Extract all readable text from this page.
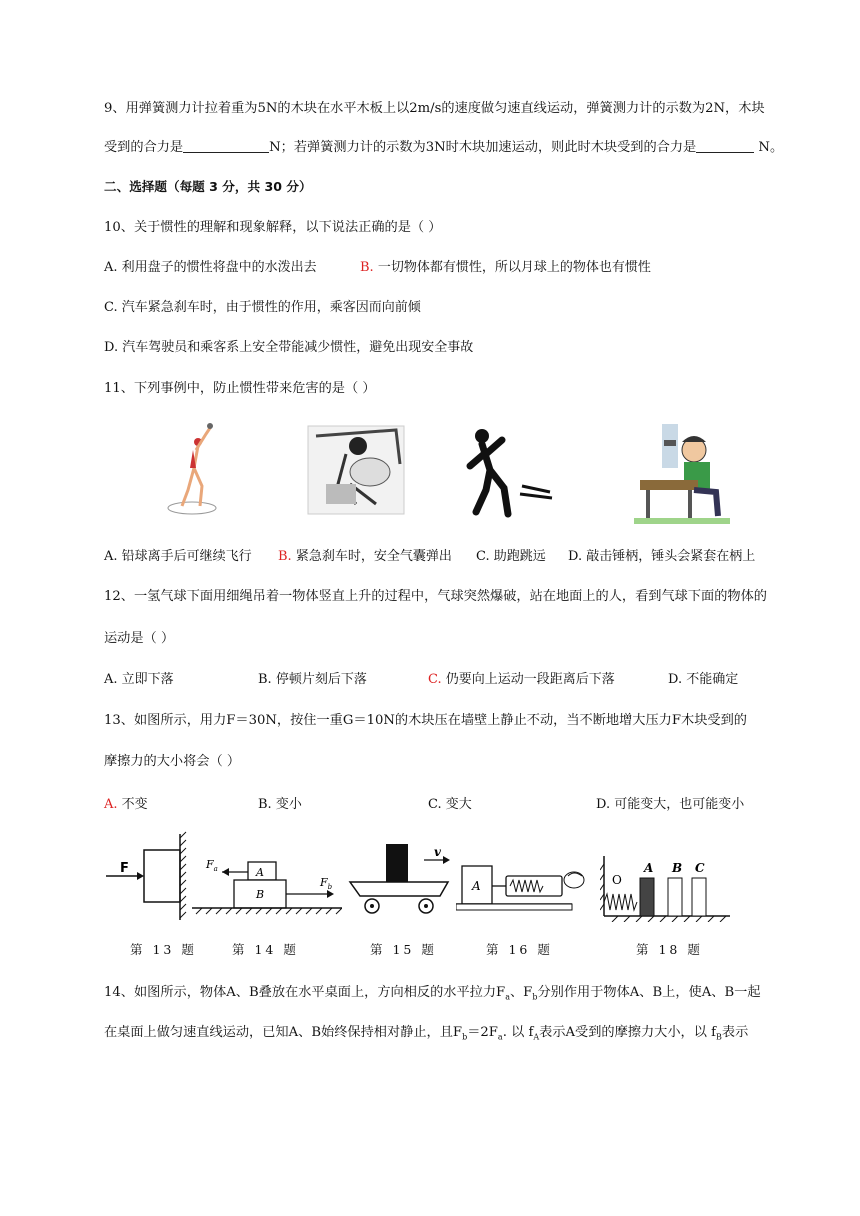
9、用弹簧测力计拉着重为5N的木块在水平木板上以2m/s的速度做匀速直线运动，弹簧测力计的示数为2N，木块
受到的合力是	N；若弹簧测力计的示数为3N时木块加速运动，则此时木块受到的合力是	N。
二、选择题（每题 3 分，共 30 分）
10、关于惯性的理解和现象解释，以下说法正确的是（ ）
A. 利用盘子的惯性将盘中的水泼出去	B. 一切物体都有惯性，所以月球上的物体也有惯性
C. 汽车紧急刹车时，由于惯性的作用，乘客因而向前倾
D. 汽车驾驶员和乘客系上安全带能减少惯性，避免出现安全事故
11、下列事例中，防止惯性带来危害的是（ ）
A. 铅球离手后可继续飞行 B. 紧急刹车时，安全气囊弹出 C. 助跑跳远 D. 敲击锤柄，锤头会紧套在柄上
12、一氢气球下面用细绳吊着一物体竖直上升的过程中，气球突然爆破，站在地面上的人，看到气球下面的物体的
运动是（ ）
A. 立即下落	B. 停顿片刻后下落	C. 仍要向上运动一段距离后下落	D. 不能确定
13、如图所示，用力F＝30N，按住一重G＝10N的木块压在墙壁上静止不动，当不断地增大压力F木块受到的
摩擦力的大小将会（ ）
A. 不变	B. 变小	C. 变大	D. 可能变大，也可能变小
F	$F_a$	A
B
$F_b$
v
A	O
A B C
第 13 题	第 14 题	第 15 题	第 16 题	第 18 题
14、如图所示，物体A、B叠放在水平桌面上，方向相反的水平拉力$F_a$、$F_b$分别作用于物体A、B上，使A、B一起
在桌面上做匀速直线运动，已知A、B始终保持相对静止，且$F_b=2F_a$. 以 $f_A$表示A受到的摩擦力大小，以 $f_B$表示
